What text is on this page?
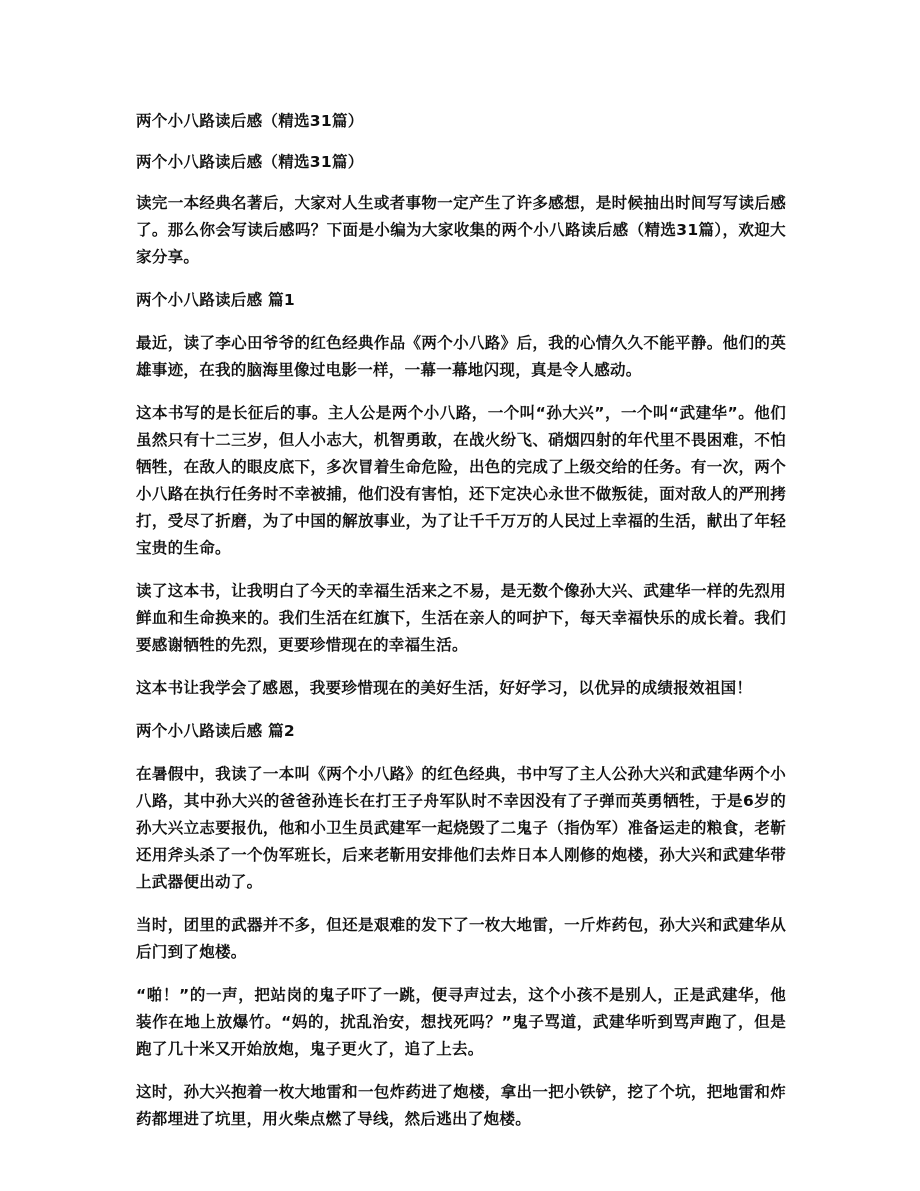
两个小八路读后感（精选31篇）

两个小八路读后感（精选31篇）

读完一本经典名著后，大家对人生或者事物一定产生了许多感想，是时候抽出时间写写读后感了。那么你会写读后感吗？下面是小编为大家收集的两个小八路读后感（精选31篇），欢迎大家分享。

两个小八路读后感 篇1

最近，读了李心田爷爷的红色经典作品《两个小八路》后，我的心情久久不能平静。他们的英雄事迹，在我的脑海里像过电影一样，一幕一幕地闪现，真是令人感动。

这本书写的是长征后的事。主人公是两个小八路，一个叫“孙大兴”，一个叫“武建华”。他们虽然只有十二三岁，但人小志大，机智勇敢，在战火纷飞、硝烟四射的年代里不畏困难，不怕牺牲，在敌人的眼皮底下，多次冒着生命危险，出色的完成了上级交给的任务。有一次，两个小八路在执行任务时不幸被捕，他们没有害怕，还下定决心永世不做叛徒，面对敌人的严刑拷打，受尽了折磨，为了中国的解放事业，为了让千千万万的人民过上幸福的生活，献出了年轻宝贵的生命。

读了这本书，让我明白了今天的幸福生活来之不易，是无数个像孙大兴、武建华一样的先烈用鲜血和生命换来的。我们生活在红旗下，生活在亲人的呵护下，每天幸福快乐的成长着。我们要感谢牺牲的先烈，更要珍惜现在的幸福生活。

这本书让我学会了感恩，我要珍惜现在的美好生活，好好学习，以优异的成绩报效祖国！

两个小八路读后感 篇2

在暑假中，我读了一本叫《两个小八路》的红色经典，书中写了主人公孙大兴和武建华两个小八路，其中孙大兴的爸爸孙连长在打王子舟军队时不幸因没有了子弹而英勇牺牲，于是6岁的孙大兴立志要报仇，他和小卫生员武建军一起烧毁了二鬼子（指伪军）准备运走的粮食，老靳还用斧头杀了一个伪军班长，后来老靳用安排他们去炸日本人刚修的炮楼，孙大兴和武建华带上武器便出动了。

当时，团里的武器并不多，但还是艰难的发下了一枚大地雷，一斤炸药包，孙大兴和武建华从后门到了炮楼。

“啪！”的一声，把站岗的鬼子吓了一跳，便寻声过去，这个小孩不是别人，正是武建华，他装作在地上放爆竹。“妈的，扰乱治安，想找死吗？”鬼子骂道，武建华听到骂声跑了，但是跑了几十米又开始放炮，鬼子更火了，追了上去。

这时，孙大兴抱着一枚大地雷和一包炸药进了炮楼，拿出一把小铁铲，挖了个坑，把地雷和炸药都埋进了坑里，用火柴点燃了导线，然后逃出了炮楼。
